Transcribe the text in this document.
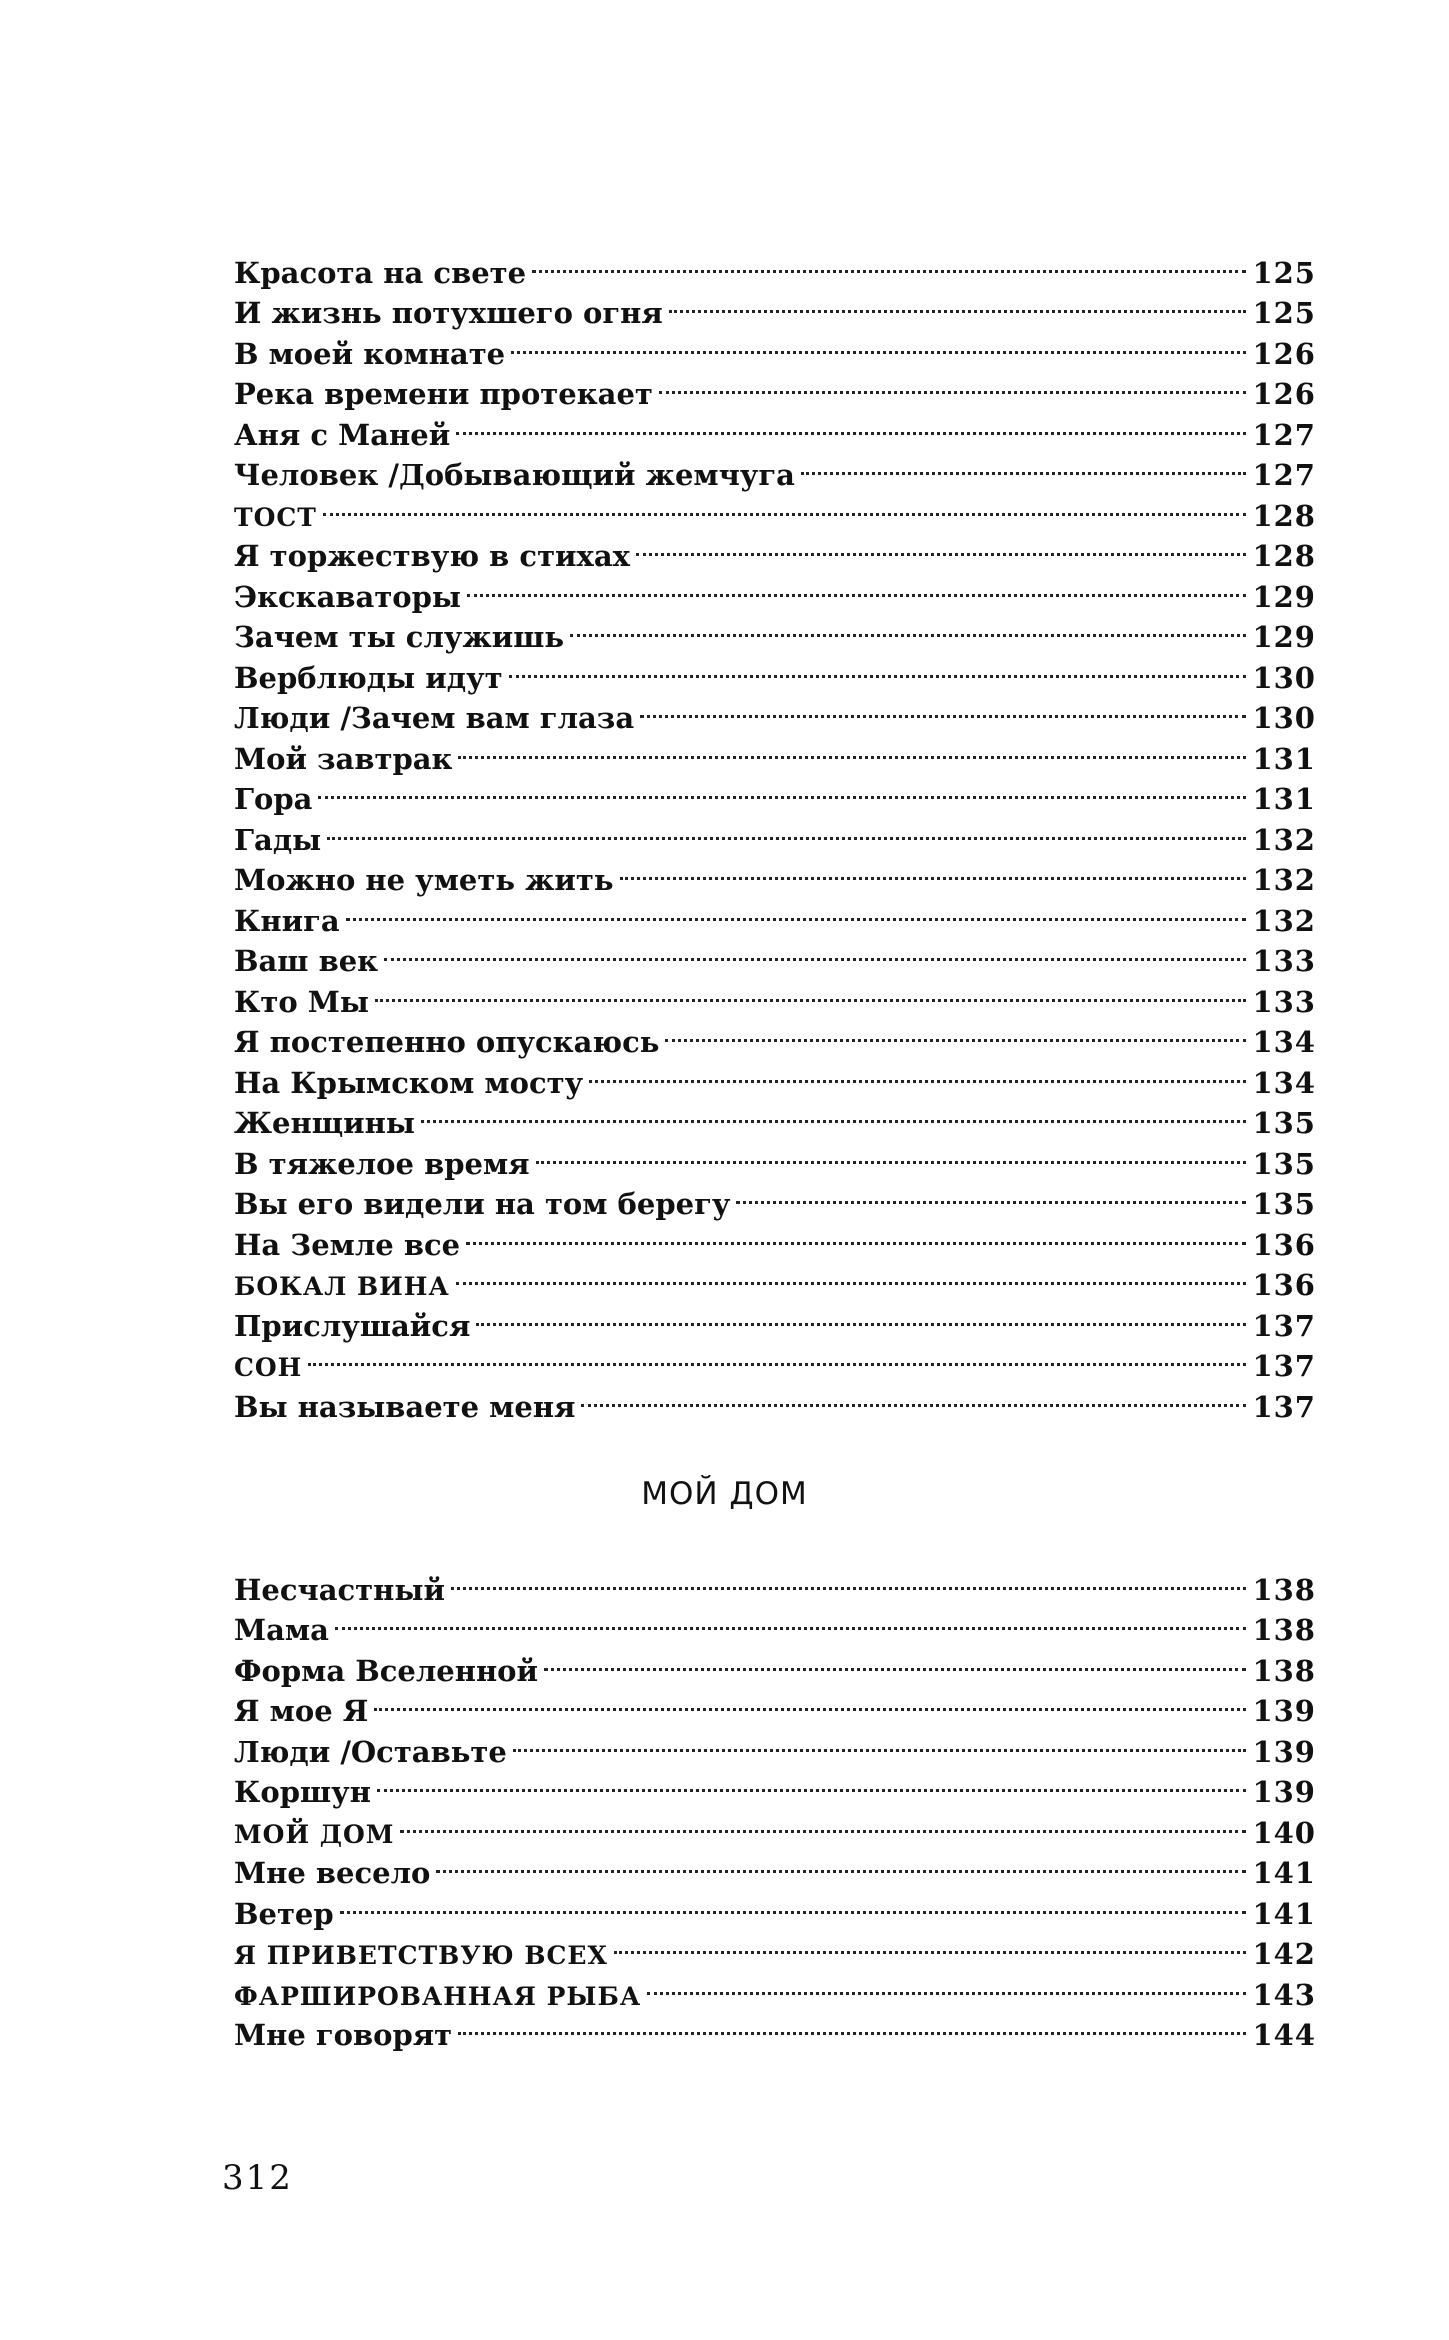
Красота на свете	125
И жизнь потухшего огня	125
В моей комнате	126
Река времени протекает	126
Аня с Маней	127
Человек /Добывающий жемчуга	127
ТОСТ	128
Я торжествую в стихах	128
Экскаваторы	129
Зачем ты служишь	129
Верблюды идут	130
Люди /Зачем вам глаза	130
Мой завтрак	131
Гора	131
Гады	132
Можно не уметь жить	132
Книга	132
Ваш век	133
Кто Мы	133
Я постепенно опускаюсь	134
На Крымском мосту	134
Женщины	135
В тяжелое время	135
Вы его видели на том берегу	135
На Земле все	136
БОКАЛ ВИНА	136
Прислушайся	137
СОН	137
Вы называете меня	137
МОЙ ДОМ
Несчастный	138
Мама	138
Форма Вселенной	138
Я мое Я	139
Люди /Оставьте	139
Коршун	139
МОЙ ДОМ	140
Мне весело	141
Ветер	141
Я ПРИВЕТСТВУЮ ВСЕХ	142
ФАРШИРОВАННАЯ РЫБА	143
Мне говорят	144
312
